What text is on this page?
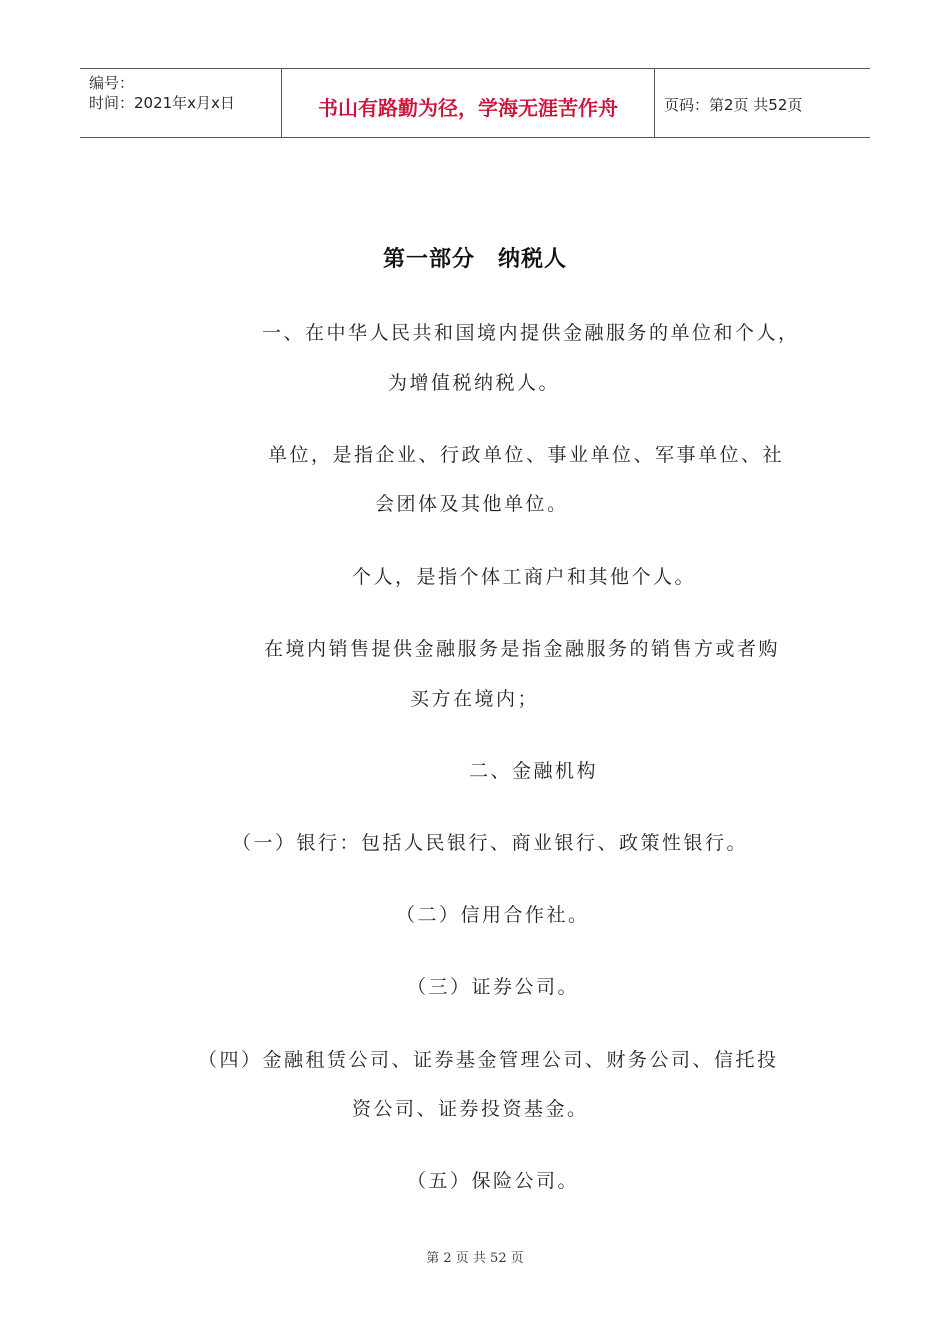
编号：
时间：2021年x月x日	书山有路勤为径，学海无涯苦作舟	页码：第2页 共52页
第一部分　纳税人
一、在中华人民共和国境内提供金融服务的单位和个人，
为增值税纳税人。
单位，是指企业、行政单位、事业单位、军事单位、社
会团体及其他单位。
个人，是指个体工商户和其他个人。
在境内销售提供金融服务是指金融服务的销售方或者购
买方在境内；
二、金融机构
（一）银行：包括人民银行、商业银行、政策性银行。
（二）信用合作社。
（三）证券公司。
（四）金融租赁公司、证券基金管理公司、财务公司、信托投
资公司、证券投资基金。
（五）保险公司。
第 2 页 共 52 页
